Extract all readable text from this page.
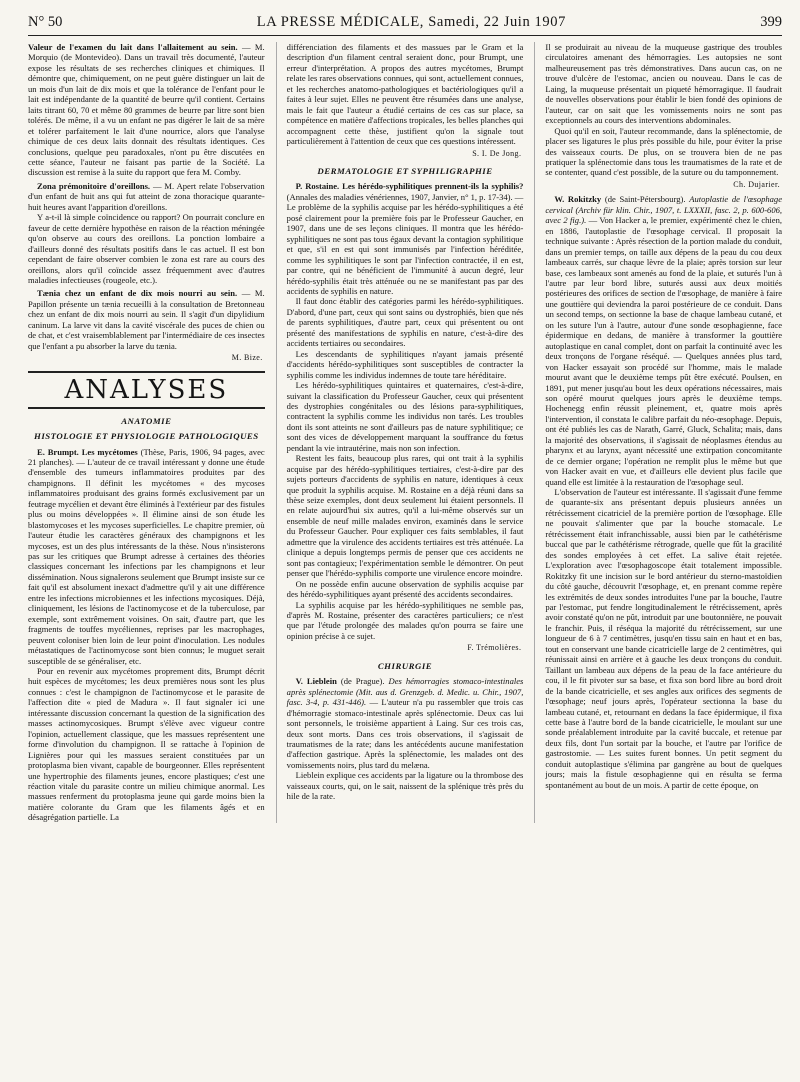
N° 50	LA PRESSE MÉDICALE, Samedi, 22 Juin 1907	399

Valeur de l'examen du lait dans l'allaitement au sein. — M. Morquio (de Montevideo). Dans un travail très documenté, l'auteur expose les résultats de ses recherches cliniques et chimiques. Il démontre que, chimiquement, on ne peut guère distinguer un lait de un mois d'un lait de dix mois et que la tolérance de l'enfant pour le lait est indépendante de la quantité de beurre qu'il contient. Certains laits titrant 60, 70 et même 80 grammes de beurre par litre sont bien tolérés. De même, il a vu un enfant ne pas digérer le lait de sa mère et tolérer parfaitement le lait d'une nourrice, alors que l'analyse chimique de ces deux laits donnait des résultats identiques. Ces conclusions, quelque peu paradoxales, n'ont pu être discutées en cette séance, l'auteur ne faisant pas partie de la Société. La discussion est remise à la suite du rapport que fera M. Comby.

Zona prémonitoire d'oreillons. — M. Apert relate l'observation d'un enfant de huit ans qui fut atteint de zona thoracique quarante-huit heures avant l'apparition d'oreillons.

Y a-t-il là simple coïncidence ou rapport? On pourrait conclure en faveur de cette dernière hypothèse en raison de la réaction méningée qu'on observe au cours des oreillons. La ponction lombaire a d'ailleurs donné des résultats positifs dans le cas actuel. Il est bon cependant de faire observer combien le zona est rare au cours des oreillons, alors qu'il coïncide assez fréquemment avec d'autres maladies infectieuses (rougeole, etc.).

Tænia chez un enfant de dix mois nourri au sein. — M. Papillon présente un tænia recueilli à la consultation de Bretonneau chez un enfant de dix mois nourri au sein. Il s'agit d'un dipylidium caninum. La larve vit dans la cavité viscérale des puces de chien ou de chat, et c'est vraisemblablement par l'intermédiaire de ces insectes que l'enfant a pu absorber la larve du tænia.

M. Bize.
ANALYSES
ANATOMIE
HISTOLOGIE ET PHYSIOLOGIE PATHOLOGIQUES

E. Brumpt. Les mycétomes (Thèse, Paris, 1906, 94 pages, avec 21 planches). — L'auteur de ce travail intéressant y donne une étude d'ensemble des tumeurs inflammatoires produites par des champignons. Il définit les mycétomes « des mycoses inflammatoires produisant des grains formés exclusivement par un feutrage mycélien et devant être éliminés à l'extérieur par des fistules plus ou moins développées ». Il élimine ainsi de son étude les blastomycoses et les mycoses superficielles. Le chapitre premier, où l'auteur étudie les caractères généraux des champignons et les mycoses, est un des plus intéressants de la thèse. Nous n'insisterons pas sur les critiques que Brumpt adresse à certaines des théories classiques concernant les infections par les champignons et leur dissémination. Nous signalerons seulement que Brumpt insiste sur ce fait qu'il est absolument inexact d'admettre qu'il y ait une différence entre les infections microbiennes et les infections mycosiques. Déjà, cliniquement, les lésions de l'actinomycose et de la tuberculose, par exemple, sont extrêmement voisines. On sait, d'autre part, que les fragments de touffes mycéliennes, reprises par les macrophages, peuvent coloniser bien loin de leur point d'inoculation. Les nodules métastatiques de l'actinomycose sont bien connus; le muguet serait susceptible de se généraliser, etc.

Pour en revenir aux mycétomes proprement dits, Brumpt décrit huit espèces de mycétomes; les deux premières nous sont les plus connues : c'est le champignon de l'actinomycose et le parasite de l'affection dite « pied de Madura ». Il faut signaler ici une intéressante discussion concernant la question de la signification des masses actinomycosiques. Brumpt s'élève avec vigueur contre l'opinion, actuellement classique, que les massues représentent une forme d'involution du champignon. Il se rattache à l'opinion de Lignières pour qui les massues seraient constituées par un protoplasma bien vivant, capable de bourgeonner. Elles représentent une hypertrophie des filaments jeunes, encore plastiques; c'est une réaction vitale du parasite contre un milieu chimique anormal. Les massues renferment du protoplasma jeune qui garde moins bien la matière colorante du Gram que les filaments âgés et en désagrégation partielle. La

différenciation des filaments et des massues par le Gram et la description d'un filament central seraient donc, pour Brumpt, une erreur d'interprétation. A propos des autres mycétomes, Brumpt relate les rares observations connues, qui sont, actuellement connues, et les recherches anatomo-pathologiques et bactériologiques qu'il a faites à leur sujet. Elles ne peuvent être résumées dans une analyse, mais le fait que l'auteur a étudié certains de ces cas sur place, sa compétence en matière d'affections tropicales, les belles planches qui accompagnent cette thèse, justifient qu'on la signale tout particulièrement à l'attention de ceux que ces questions intéressent.

S. I. De Jong.
DERMATOLOGIE ET SYPHILIGRAPHIE

P. Rostaine. Les hérédo-syphilitiques prennent-ils la syphilis? (Annales des maladies vénériennes, 1907, Janvier, n° 1, p. 17-34). — Le problème de la syphilis acquise par les hérédo-syphilitiques a été posé clairement pour la première fois par le Professeur Gaucher, en 1907, dans une de ses leçons cliniques. Il montra que les hérédo-syphilitiques ne sont pas tous égaux devant la contagion syphilitique et que, s'il en est qui sont immunisés par l'infection héréditée, comme les syphilitiques le sont par l'infection contractée, il en est, par contre, qui ne bénéficient de l'immunité à aucun degré, leur hérédo-syphilis était très atténuée ou ne se manifestant pas par des accidents de syphilis en nature.

Il faut donc établir des catégories parmi les hérédo-syphilitiques. D'abord, d'une part, ceux qui sont sains ou dystrophiés, bien que nés de parents syphilitiques, d'autre part, ceux qui présentent ou ont présenté des manifestations de syphilis en nature, c'est-à-dire des accidents tertiaires ou secondaires.

Les descendants de syphilitiques n'ayant jamais présenté d'accidents hérédo-syphilitiques sont susceptibles de contracter la syphilis comme les individus indemnes de toute tare héréditaire.

Les hérédo-syphilitiques quintaires et quaternaires, c'est-à-dire, suivant la classification du Professeur Gaucher, ceux qui présentent des dystrophies congénitales ou des lésions para-syphilitiques, contractent la syphilis comme les individus non tarés. Les troubles dont ils sont atteints ne sont d'ailleurs pas de nature syphilitique; ce sont des vices de développement marquant la souffrance du fœtus pendant la vie intrautérine, mais non son infection.

Restent les faits, beaucoup plus rares, qui ont trait à la syphilis acquise par des hérédo-syphilitiques tertiaires, c'est-à-dire par des sujets porteurs d'accidents de syphilis en nature, identiques à ceux que produit la syphilis acquise. M. Rostaine en a déjà réuni dans sa thèse seize exemples, dont deux seulement lui étaient personnels. Il en relate aujourd'hui six autres, qu'il a lui-même observés sur un ensemble de neuf mille malades environ, examinés dans le service du Professeur Gaucher. Pour expliquer ces faits semblables, il faut admettre que la virulence des accidents tertiaires est très atténuée. La clinique a depuis longtemps permis de penser que ces accidents ne sont pas contagieux; l'expérimentation semble le démontrer. On peut penser que l'hérédo-syphilis comporte une virulence encore moindre.

On ne possède enfin aucune observation de syphilis acquise par des hérédo-syphilitiques ayant présenté des accidents secondaires.

La syphilis acquise par les hérédo-syphilitiques ne semble pas, d'après M. Rostaine, présenter des caractères particuliers; ce n'est que par l'étude prolongée des malades qu'on pourra se faire une opinion précise à ce sujet.

F. Trémolières.
CHIRURGIE

V. Lieblein (de Prague). Des hémorragies stomaco-intestinales après splénectomie (Mit. aus d. Grenzgeb. d. Medic. u. Chir., 1907, fasc. 3-4, p. 431-446). — L'auteur n'a pu rassembler que trois cas d'hémorragie stomaco-intestinale après splénectomie. Deux cas lui sont personnels, le troisième appartient à Laing. Sur ces trois cas, deux sont morts. Dans ces trois observations, il s'agissait de traumatismes de la rate; dans les antécédents aucune manifestation d'affection gastrique. Après la splénectomie, les malades ont des vomissements noirs, plus tard du melæna.

Lieblein explique ces accidents par la ligature ou la thrombose des vaisseaux courts, qui, on le sait, naissent de la splénique très près du hile de la rate.

Il se produirait au niveau de la muqueuse gastrique des troubles circulatoires amenant des hémorragies. Les autopsies ne sont malheureusement pas très démonstratives. Dans aucun cas, on ne trouve d'ulcère de l'estomac, ancien ou nouveau. Dans le cas de Laing, la muqueuse présentait un piqueté hémorragique. Il faudrait de nouvelles observations pour établir le bien fondé des opinions de l'auteur, car on sait que les vomissements noirs ne sont pas exceptionnels au cours des interventions abdominales.

Quoi qu'il en soit, l'auteur recommande, dans la splénectomie, de placer ses ligatures le plus près possible du hile, pour éviter la prise des vaisseaux courts. De plus, on se trouvera bien de ne pas pratiquer la splénectomie dans tous les traumatismes de la rate et de se contenter, quand c'est possible, de la suture ou du tamponnement.

Ch. Dujarier.

W. Rokitzky (de Saint-Pétersbourg). Autoplastie de l'œsophage cervical (Archiv für klin. Chir., 1907, t. LXXXII, fasc. 2, p. 600-606, avec 2 fig.). — Von Hacker a, le premier, expérimenté chez le chien, en 1886, l'autoplastie de l'œsophage cervical. Il proposait la technique suivante : Après résection de la portion malade du conduit, dans un premier temps, on taille aux dépens de la peau du cou deux lambeaux carrés, sur chaque lèvre de la plaie; après torsion sur leur base, ces lambeaux sont amenés au fond de la plaie, et suturés l'un à l'autre par leur bord libre, suturés aussi aux deux moitiés postérieures des orifices de section de l'œsophage, de manière à faire une gouttière qui deviendra la paroi postérieure de ce conduit. Dans un second temps, on sectionne la base de chaque lambeau cutané, et on les suture l'un à l'autre, autour d'une sonde œsophagienne, face épidermique en dedans, de manière à transformer la gouttière autoplastique en canal complet, dont on parfait la continuité avec les deux tronçons de l'organe réséqué. — Quelques années plus tard, von Hacker essayait son procédé sur l'homme, mais le malade mourut avant que le deuxième temps pût être exécuté. Poulsen, en 1891, put mener jusqu'au bout les deux opérations nécessaires, mais son opéré mourut quelques jours après le deuxième temps. Hochenegg enfin réussit pleinement, et, quatre mois après l'intervention, il constata le calibre parfait du néo-œsophage. Depuis, ont été publiés les cas de Narath, Garré, Gluck, Schalita; mais, dans la majorité des observations, il s'agissait de néoplasmes étendus au pharynx et au larynx, ayant nécessité une extirpation concomitante de ce dernier organe; l'opération ne remplit plus le même but que von Hacker avait en vue, et d'ailleurs elle devient plus facile que quand elle est limitée à la restauration de l'œsophage seul.

L'observation de l'auteur est intéressante. Il s'agissait d'une femme de quarante-six ans présentant depuis plusieurs années un rétrécissement cicatriciel de la première portion de l'œsophage. Elle ne pouvait s'alimenter que par la bouche stomacale. Le rétrécissement était infranchissable, aussi bien par le cathétérisme buccal que par le cathétérisme rétrograde, quelle que fût la gracilité des sondes employées à cet effet. La salive était rejetée. L'exploration avec l'œsophagoscope était totalement impossible. Rokitzky fit une incision sur le bord antérieur du sterno-mastoïdien du côté gauche, découvrit l'œsophage, et, en prenant comme repère les extrémités de deux sondes introduites l'une par la bouche, l'autre par l'estomac, put fendre longitudinalement le rétrécissement, après avoir constaté qu'on ne pût, introduit par une boutonnière, ne pouvait le franchir. Puis, il réséqua la majorité du rétrécissement, sur une longueur de 6 à 7 centimètres, jusqu'en tissu sain en haut et en bas, tout en conservant une bande cicatricielle large de 2 centimètres, qui réunissait ainsi en arrière et à gauche les deux tronçons du conduit. Taillant un lambeau aux dépens de la peau de la face antérieure du cou, il le fit pivoter sur sa base, et fixa son bord libre au bord droit de la bande cicatricielle, et ses angles aux orifices des segments de l'œsophage; neuf jours après, l'opérateur sectionna la base du lambeau cutané, et, retournant en dedans la face épidermique, il fixa cette base à l'autre bord de la bande cicatricielle, le moulant sur une sonde préalablement introduite par la cavité buccale, et retenue par deux fils, dont l'un sortait par la bouche, et l'autre par l'orifice de gastrostomie. — Les suites furent bonnes. Un petit segment du conduit autoplastique s'élimina par gangrène au bout de quelques jours; mais la fistule œsophagienne qui en résulta se ferma spontanément au bout de un mois. A partir de cette époque, on
